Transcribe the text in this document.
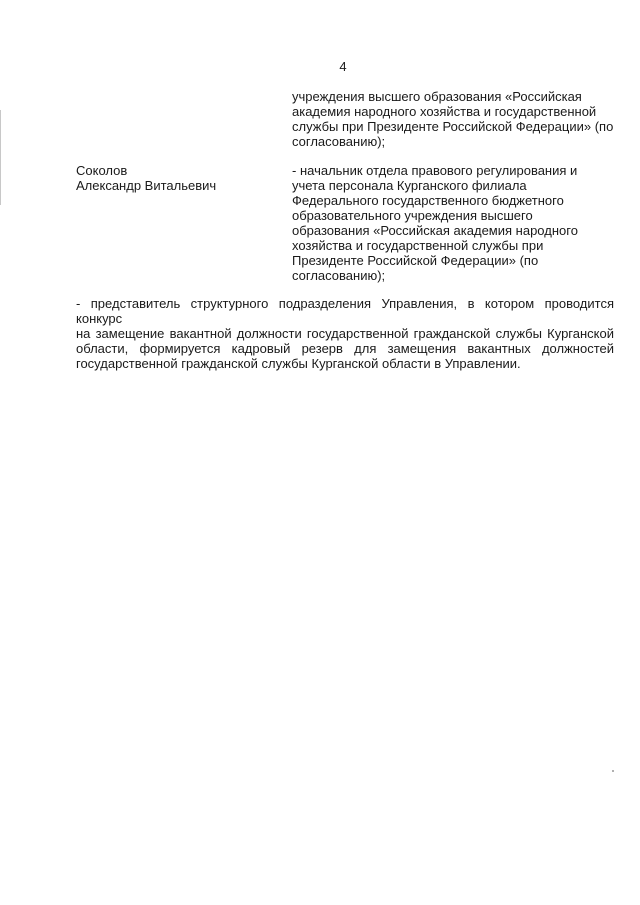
4
учреждения высшего образования «Российская
академия народного хозяйства и государственной
службы при Президенте Российской Федерации» (по
согласованию);
Соколов
Александр Витальевич
- начальник отдела правового регулирования и
учета персонала Курганского филиала
Федерального государственного бюджетного
образовательного учреждения высшего
образования «Российская академия народного
хозяйства и государственной службы при
Президенте Российской Федерации» (по
согласованию);
- представитель структурного подразделения Управления, в котором проводится конкурс
на замещение вакантной должности государственной гражданской службы Курганской
области, формируется кадровый резерв для замещения вакантных должностей
государственной гражданской службы Курганской области в Управлении.
